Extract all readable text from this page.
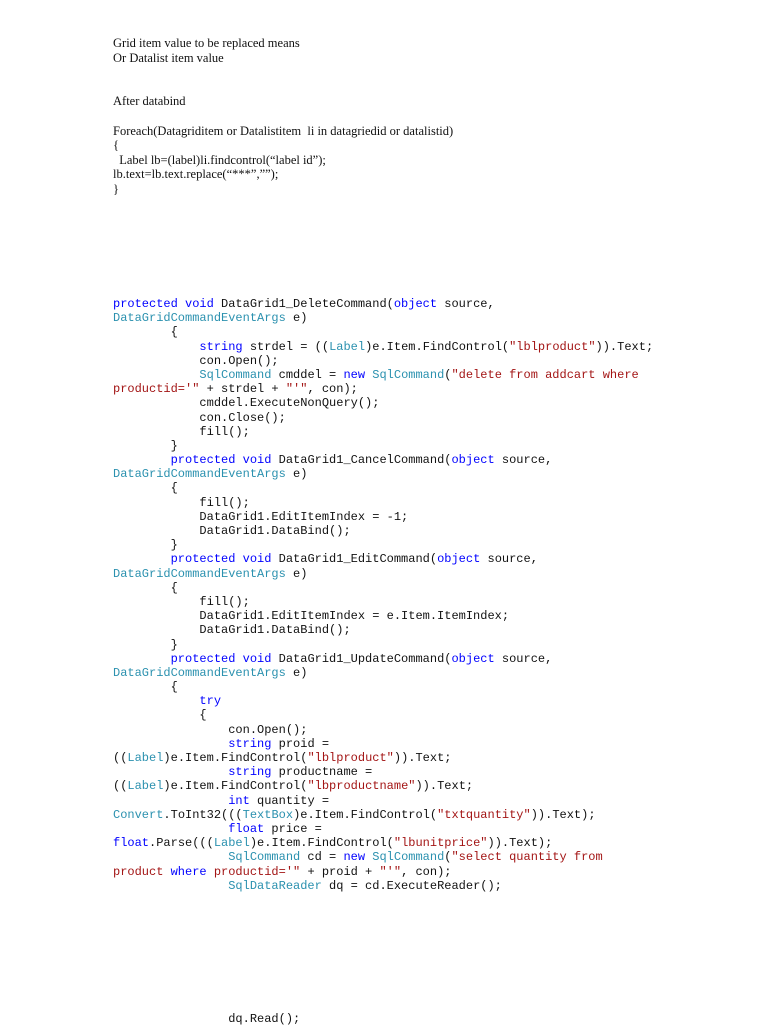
Grid item value to be replaced means
Or Datalist item value
After databind
Foreach(Datagriditem or Datalistitem  li in datagriedid or datalistid)
{
Label lb=(label)li.findcontrol(“label id”);
lb.text=lb.text.replace(“***”,””);
}
protected void DataGrid1_DeleteCommand(object source,
DataGridCommandEventArgs e)
{
string strdel = ((Label)e.Item.FindControl("lblproduct")).Text;
con.Open();
SqlCommand cmddel = new SqlCommand("delete from addcart where
productid='" + strdel + "'", con);
cmddel.ExecuteNonQuery();
con.Close();
fill();
}
protected void DataGrid1_CancelCommand(object source,
DataGridCommandEventArgs e)
{
fill();
DataGrid1.EditItemIndex = -1;
DataGrid1.DataBind();
}
protected void DataGrid1_EditCommand(object source,
DataGridCommandEventArgs e)
{
fill();
DataGrid1.EditItemIndex = e.Item.ItemIndex;
DataGrid1.DataBind();
}
protected void DataGrid1_UpdateCommand(object source,
DataGridCommandEventArgs e)
{
try
{
con.Open();
string proid =
((Label)e.Item.FindControl("lblproduct")).Text;
string productname =
((Label)e.Item.FindControl("lbproductname")).Text;
int quantity =
Convert.ToInt32(((TextBox)e.Item.FindControl("txtquantity")).Text);
float price =
float.Parse(((Label)e.Item.FindControl("lbunitprice")).Text);
SqlCommand cd = new SqlCommand("select quantity from
product where productid='" + proid + "'", con);
SqlDataReader dq = cd.ExecuteReader();
dq.Read();
